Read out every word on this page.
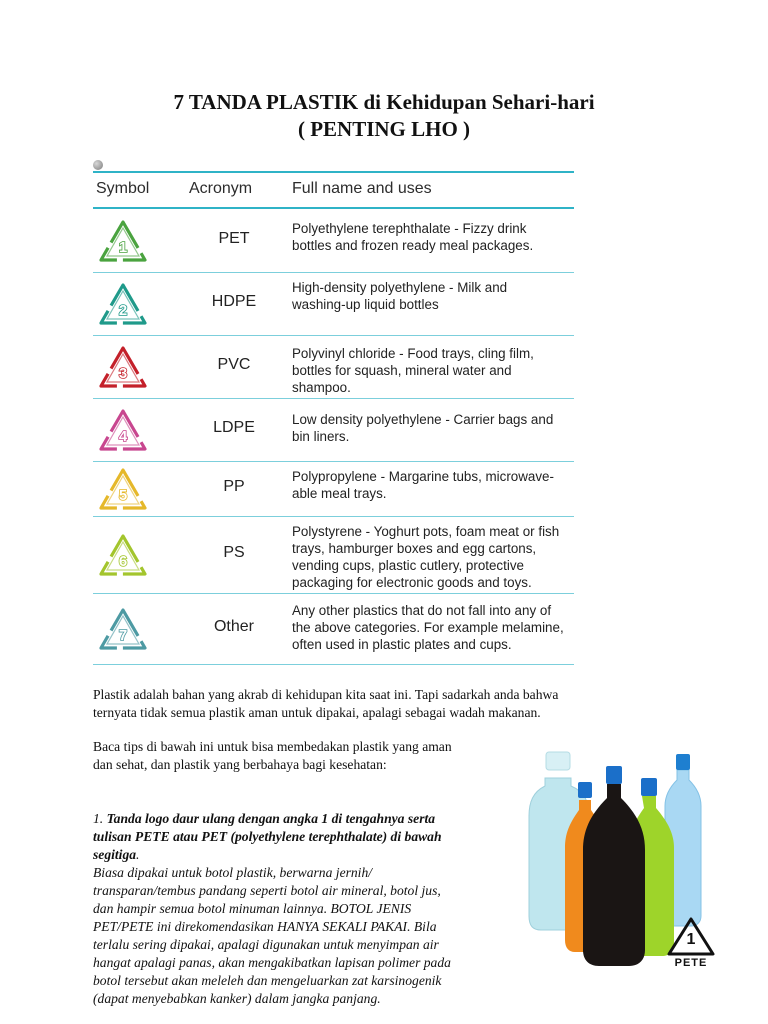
7 TANDA PLASTIK di Kehidupan Sehari-hari
( PENTING LHO )
Symbol Acronym Full name and uses
1
PET
Polyethylene terephthalate - Fizzy drink
bottles and frozen ready meal packages.
2
HDPE
High-density polyethylene - Milk and
washing-up liquid bottles
3
PVC
Polyvinyl chloride - Food trays, cling film,
bottles for squash, mineral water and
shampoo.
4
LDPE	Low density polyethylene - Carrier bags and
bin liners.
5
PP
Polypropylene - Margarine tubs, microwave-
able meal trays.
6
PS
Polystyrene - Yoghurt pots, foam meat or fish
trays, hamburger boxes and egg cartons,
vending cups, plastic cutlery, protective
packaging for electronic goods and toys.
7
Other
Any other plastics that do not fall into any of
the above categories. For example melamine,
often used in plastic plates and cups.
Plastik adalah bahan yang akrab di kehidupan kita saat ini. Tapi sadarkah anda bahwa
ternyata tidak semua plastik aman untuk dipakai, apalagi sebagai wadah makanan.
Baca tips di bawah ini untuk bisa membedakan plastik yang aman
dan sehat, dan plastik yang berbahaya bagi kesehatan:
1. Tanda logo daur ulang dengan angka 1 di tengahnya serta
tulisan PETE atau PET (polyethylene terephthalate) di bawah
segitiga.
Biasa dipakai untuk botol plastik, berwarna jernih/
transparan/tembus pandang seperti botol air mineral, botol jus,
dan hampir semua botol minuman lainnya. BOTOL JENIS
PET/PETE ini direkomendasikan HANYA SEKALI PAKAI. Bila
terlalu sering dipakai, apalagi digunakan untuk menyimpan air
hangat apalagi panas, akan mengakibatkan lapisan polimer pada
botol tersebut akan meleleh dan mengeluarkan zat karsinogenik
(dapat menyebabkan kanker) dalam jangka panjang.
1
PETE
